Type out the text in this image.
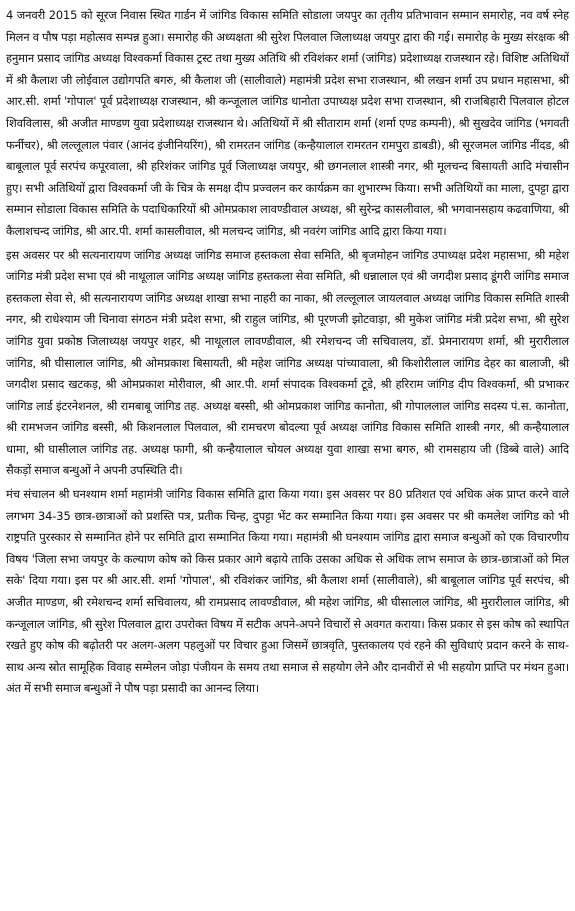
4 जनवरी 2015 को सूरज निवास स्थित गार्डन में जांगिड विकास समिति सोडाला जयपुर का तृतीय प्रतिभावान सम्मान समारोह, नव वर्ष स्नेह मिलन व पौष पड़ा महोत्सव सम्पन्न हुआ। समारोह की अध्यक्षता श्री सुरेश पिलवाल जिलाध्यक्ष जयपुर द्वारा की गई। समारोह के मुख्य संरक्षक श्री हनुमान प्रसाद जांगिड अध्यक्ष विश्वकर्मा विकास ट्रस्ट तथा मुख्य अतिथि श्री रविशंकर शर्मा (जांगिड) प्रदेशाध्यक्ष राजस्थान रहे। विशिष्ट अतिथियों में श्री कैलाश जी लोईवाल उद्योगपति बगरु, श्री कैलाश जी (सालीवाले) महामंत्री प्रदेश सभा राजस्थान, श्री लखन शर्मा उप प्रधान महासभा, श्री आर.सी. शर्मा 'गोपाल' पूर्व प्रदेशाध्यक्ष राजस्थान, श्री कन्जूलाल जांगिड धानोता उपाध्यक्ष प्रदेश सभा राजस्थान, श्री राजबिहारी पिलवाल होटल शिवविलास, श्री अजीत माण्डण युवा प्रदेशाध्यक्ष राजस्थान थे। अतिथियों में श्री सीताराम शर्मा (शर्मा एण्ड कम्पनी), श्री सुखदेव जांगिड (भगवती फर्नीचर), श्री लल्लूलाल पंवार (आनंद इंजीनियरिंग), श्री रामरतन जांगिड (कन्हैयालाल रामरतन रामपुरा डाबडी), श्री सूरजमल जांगिड नींदड, श्री बाबूलाल पूर्व सरपंच कपूरवाला, श्री हरिशंकर जांगिड पूर्व जिलाध्यक्ष जयपुर, श्री छगनलाल शास्त्री नगर, श्री मूलचन्द बिसायती आदि मंचासीन हुए। सभी अतिथियों द्वारा विश्वकर्मा जी के चित्र के समक्ष दीप प्रज्वलन कर कार्यक्रम का शुभारम्भ किया। सभी अतिथियों का माला, दुपट्टा द्वारा सम्मान सोडाला विकास समिति के पदाधिकारियों श्री ओमप्रकाश लावण्डीवाल अध्यक्ष, श्री सुरेन्द्र कासलीवाल, श्री भगवानसहाय कढवाणिया, श्री कैलाशचन्द जांगिड, श्री आर.पी. शर्मा कासलीवाल, श्री मलचन्द जांगिड, श्री नवरंग जांगिड आदि द्वारा किया गया।

इस अवसर पर श्री सत्यनारायण जांगिड अध्यक्ष जांगिड समाज हस्तकला सेवा समिति, श्री बृजमोहन जांगिड उपाध्यक्ष प्रदेश महासभा, श्री महेश जांगिड मंत्री प्रदेश सभा एवं श्री नाथूलाल जांगिड अध्यक्ष जांगिड हस्तकला सेवा समिति, श्री धन्नालाल एवं श्री जगदीश प्रसाद डूंगरी जांगिड समाज हस्तकला सेवा से, श्री सत्यनारायण जांगिड अध्यक्ष शाखा सभा नाहरी का नाका, श्री लल्लूलाल जायलवाल अध्यक्ष जांगिड विकास समिति शास्त्री नगर, श्री राधेश्याम जी चिनावा संगठन मंत्री प्रदेश सभा, श्री राहुल जांगिड, श्री पूरणजी झोटवाड़ा, श्री मुकेश जांगिड मंत्री प्रदेश सभा, श्री सुरेश जांगिड युवा प्रकोष्ठ जिलाध्यक्ष जयपुर शहर, श्री नाथूलाल लावण्डीवाल, श्री रमेशचन्द जी सचिवालय, डॉ. प्रेमनारायण शर्मा, श्री मुरारीलाल जांगिड, श्री घीसालाल जांगिड, श्री ओमप्रकाश बिसायती, श्री महेश जांगिड अध्यक्ष पांच्यावाला, श्री किशोरीलाल जांगिड देहर का बालाजी, श्री जगदीश प्रसाद खटकड़, श्री ओमप्रकाश मोरीवाल, श्री आर.पी. शर्मा संपादक विश्वकर्मा टूडे, श्री हरिराम जांगिड दीप विश्वकर्मा, श्री प्रभाकर जांगिड लार्ड इंटरनेशनल, श्री रामबाबू जांगिड तह. अध्यक्ष बस्सी, श्री ओमप्रकाश जांगिड कानोता, श्री गोपाललाल जांगिड सदस्य पं.स. कानोता, श्री रामभजन जांगिड बस्सी, श्री किशनलाल पिलवाल, श्री रामचरण बोदल्या पूर्व अध्यक्ष जांगिड विकास समिति शास्त्री नगर, श्री कन्हैयालाल धामा, श्री घासीलाल जांगिड तह. अध्यक्ष फागी, श्री कन्हैयालाल चोयल अध्यक्ष युवा शाखा सभा बगरु, श्री रामसहाय जी (डिब्बे वाले) आदि सैकड़ों समाज बन्धुओं ने अपनी उपस्थिति दी।

मंच संचालन श्री घनश्याम शर्मा महामंत्री जांगिड विकास समिति द्वारा किया गया। इस अवसर पर 80 प्रतिशत एवं अधिक अंक प्राप्त करने वाले लगभग 34-35 छात्र-छात्राओं को प्रशस्ति पत्र, प्रतीक चिन्ह, दुपट्टा भेंट कर सम्मानित किया गया। इस अवसर पर श्री कमलेश जांगिड को भी राष्ट्रपति पुरस्कार से सम्मानित होने पर समिति द्वारा सम्मानित किया गया। महामंत्री श्री घनश्याम जांगिड द्वारा समाज बन्धुओं को एक विचारणीय विषय 'जिला सभा जयपुर के कल्याण कोष को किस प्रकार आगे बढ़ाये ताकि उसका अधिक से अधिक लाभ समाज के छात्र-छात्राओं को मिल सके' दिया गया। इस पर श्री आर.सी. शर्मा 'गोपाल', श्री रविशंकर जांगिड, श्री कैलाश शर्मा (सालीवाले), श्री बाबूलाल जांगिड पूर्व सरपंच, श्री अजीत माण्डण, श्री रमेशचन्द शर्मा सचिवालय, श्री रामप्रसाद लावण्डीवाल, श्री महेश जांगिड, श्री घीसालाल जांगिड, श्री मुरारीलाल जांगिड, श्री कन्जूलाल जांगिड, श्री सुरेश पिलवाल द्वारा उपरोक्त विषय में सटीक अपने-अपने विचारों से अवगत कराया। किस प्रकार से इस कोष को स्थापित रखते हुए कोष की बढ़ोतरी पर अलग-अलग पहलुओं पर विचार हुआ जिसमें छात्रवृति, पुस्तकालय एवं रहने की सुविधाएं प्रदान करने के साथ-साथ अन्य स्रोत सामूहिक विवाह सम्मेलन जोड़ा पंजीयन के समय तथा समाज से सहयोग लेने और दानवीरों से भी सहयोग प्राप्ति पर मंथन हुआ। अंत में सभी समाज बन्धुओं ने पौष पड़ा प्रसादी का आनन्द लिया।
